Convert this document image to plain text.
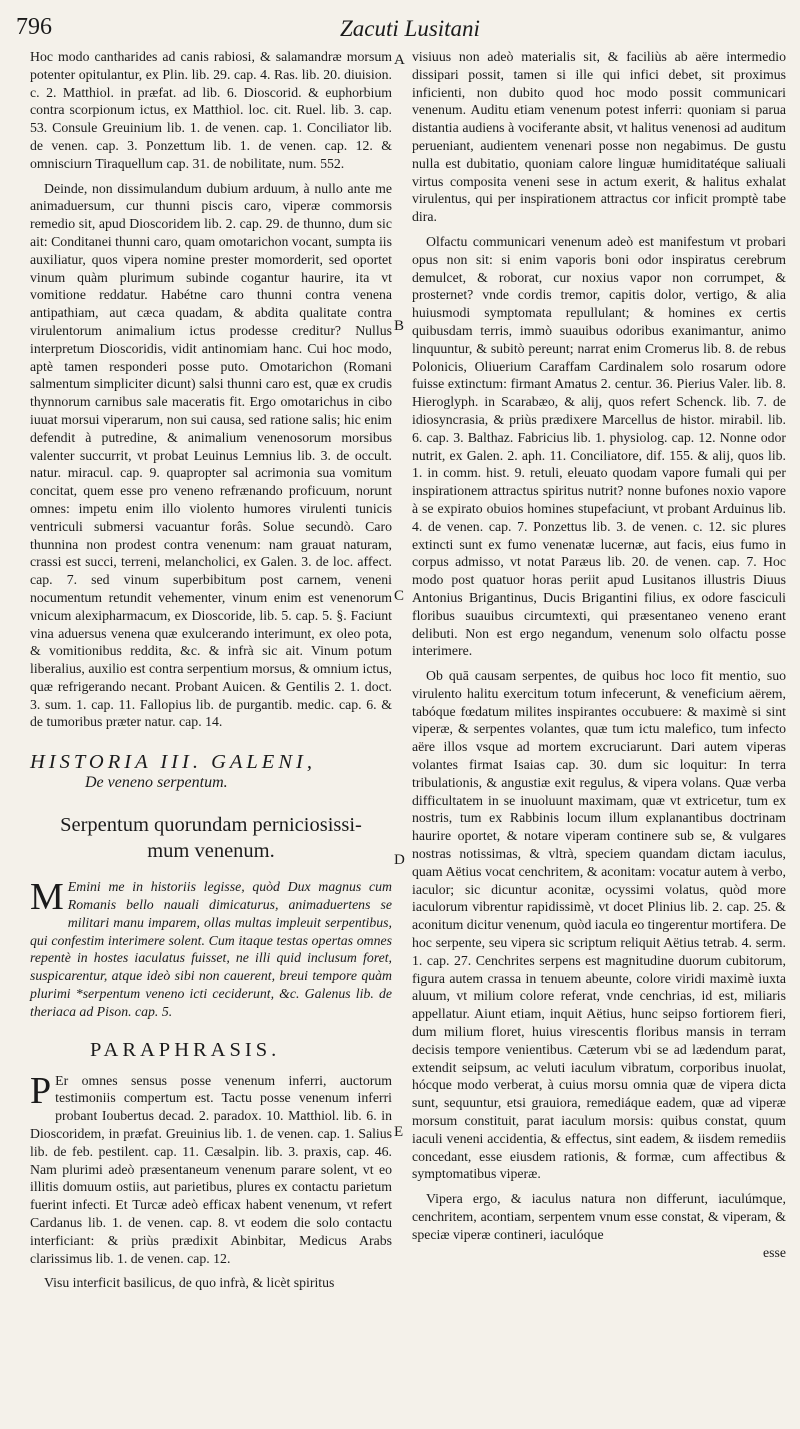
796	Zacuti Lusitani
A
B
C
D
E

Hoc modo cantharides ad canis rabiosi, & salamandræ morsum potenter opitulantur, ex Plin. lib. 29. cap. 4. Ras. lib. 20. diuision. c. 2. Matthiol. in præfat. ad lib. 6. Dioscorid. & euphorbium contra scorpionum ictus, ex Matthiol. loc. cit. Ruel. lib. 3. cap. 53. Consule Greuinium lib. 1. de venen. cap. 1. Conciliator lib. de venen. cap. 3. Ponzettum lib. 1. de venen. cap. 12. & omnisciurn Tiraquellum cap. 31. de nobilitate, num. 552.

Deinde, non dissimulandum dubium arduum, à nullo ante me animaduersum, cur thunni piscis caro, viperæ commorsis remedio sit, apud Dioscoridem lib. 2. cap. 29. de thunno, dum sic ait: Conditanei thunni caro, quam omotarichon vocant, sumpta iis auxiliatur, quos vipera nomine prester momorderit, sed oportet vinum quàm plurimum subinde cogantur haurire, ita vt vomitione reddatur. Habétne caro thunni contra venena antipathiam, aut cæca quadam, & abdita qualitate contra virulentorum animalium ictus prodesse creditur? Nullus interpretum Dioscoridis, vidit antinomiam hanc. Cui hoc modo, aptè tamen responderi posse puto. Omotarichon (Romani salmentum simpliciter dicunt) salsi thunni caro est, quæ ex crudis thynnorum carnibus sale maceratis fit. Ergo omotarichus in cibo iuuat morsui viperarum, non sui causa, sed ratione salis; hic enim defendit à putredine, & animalium venenosorum morsibus valenter succurrit, vt probat Leuinus Lemnius lib. 3. de occult. natur. miracul. cap. 9. quapropter sal acrimonia sua vomitum concitat, quem esse pro veneno refrænando proficuum, norunt omnes: impetu enim illo violento humores virulenti tunicis ventriculi submersi vacuantur forâs. Solue secundò. Caro thunnina non prodest contra venenum: nam grauat naturam, crassi est succi, terreni, melancholici, ex Galen. 3. de loc. affect. cap. 7. sed vinum superbibitum post carnem, veneni nocumentum retundit vehementer, vinum enim est venenorum vnicum alexipharmacum, ex Dioscoride, lib. 5. cap. 5. §. Faciunt vina aduersus venena quæ exulcerando interimunt, ex oleo pota, & vomitionibus reddita, &c. & infrà sic ait. Vinum potum liberalius, auxilio est contra serpentium morsus, & omnium ictus, quæ refrigerando necant. Probant Auicen. & Gentilis 2. 1. doct. 3. sum. 1. cap. 11. Fallopius lib. de purgantib. medic. cap. 6. & de tumoribus præter natur. cap. 14.

HISTORIA III. GALENI,
De veneno serpentum.
Serpentum quorundam perniciosissi-
mum venenum.

M Emini me in historiis legisse, quòd Dux magnus cum Romanis bello nauali dimicaturus, animaduertens se militari manu imparem, ollas multas impleuit serpentibus, qui confestim interimere solent. Cum itaque testas opertas omnes repentè in hostes iaculatus fuisset, ne illi quid inclusum foret, suspicarentur, atque ideò sibi non cauerent, breui tempore quàm plurimi *serpentum veneno icti ceciderunt, &c. Galenus lib. de theriaca ad Pison. cap. 5.

PARAPHRASIS.

P Er omnes sensus posse venenum inferri, auctorum testimoniis compertum est. Tactu posse venenum inferri probant Ioubertus decad. 2. paradox. 10. Matthiol. lib. 6. in Dioscoridem, in præfat. Greuinius lib. 1. de venen. cap. 1. Salius lib. de feb. pestilent. cap. 11. Cæsalpin. lib. 3. praxis, cap. 46. Nam plurimi adeò præsentaneum venenum parare solent, vt eo illitis domuum ostiis, aut parietibus, plures ex contactu parietum fuerint infecti. Et Turcæ adeò efficax habent venenum, vt refert Cardanus lib. 1. de venen. cap. 8. vt eodem die solo contactu interficiant: & priùs prædixit Abinbitar, Medicus Arabs clarissimus lib. 1. de venen. cap. 12.

Visu interficit basilicus, de quo infrà, & licèt spiritus

visiuus non adeò materialis sit, & faciliùs ab aëre intermedio dissipari possit, tamen si ille qui infici debet, sit proximus inficienti, non dubito quod hoc modo possit communicari venenum. Auditu etiam venenum potest inferri: quoniam si parua distantia audiens à vociferante absit, vt halitus venenosi ad auditum perueniant, audientem venenari posse non negabimus. De gustu nulla est dubitatio, quoniam calore linguæ humiditatéque saliuali virtus composita veneni sese in actum exerit, & halitus exhalat virulentus, qui per inspirationem attractus cor inficit promptè tabe dira.

Olfactu communicari venenum adeò est manifestum vt probari opus non sit: si enim vaporis boni odor inspiratus cerebrum demulcet, & roborat, cur noxius vapor non corrumpet, & prosternet? vnde cordis tremor, capitis dolor, vertigo, & alia huiusmodi symptomata repullulant; & homines ex certis quibusdam terris, immò suauibus odoribus exanimantur, animo linquuntur, & subitò pereunt; narrat enim Cromerus lib. 8. de rebus Polonicis, Oliuerium Caraffam Cardinalem solo rosarum odore fuisse extinctum: firmant Amatus 2. centur. 36. Pierius Valer. lib. 8. Hieroglyph. in Scarabæo, & alij, quos refert Schenck. lib. 7. de idiosyncrasia, & priùs prædixere Marcellus de histor. mirabil. lib. 6. cap. 3. Balthaz. Fabricius lib. 1. physiolog. cap. 12. Nonne odor nutrit, ex Galen. 2. aph. 11. Conciliatore, dif. 155. & alij, quos lib. 1. in comm. hist. 9. retuli, eleuato quodam vapore fumali qui per inspirationem attractus spiritus nutrit? nonne bufones noxio vapore à se expirato obuios homines stupefaciunt, vt probant Arduinus lib. 4. de venen. cap. 7. Ponzettus lib. 3. de venen. c. 12. sic plures extincti sunt ex fumo venenatæ lucernæ, aut facis, eius fumo in corpus admisso, vt notat Paræus lib. 20. de venen. cap. 7. Hoc modo post quatuor horas periit apud Lusitanos illustris Diuus Antonius Brigantinus, Ducis Brigantini filius, ex odore fasciculi floribus suauibus circumtexti, qui præsentaneo veneno erant delibuti. Non est ergo negandum, venenum solo olfactu posse interimere.

Ob quā causam serpentes, de quibus hoc loco fit mentio, suo virulento halitu exercitum totum infecerunt, & veneficium aërem, tabóque fœdatum milites inspirantes occubuere: & maximè si sint viperæ, & serpentes volantes, quæ tum ictu malefico, tum infecto aëre illos vsque ad mortem excruciarunt. Dari autem viperas volantes firmat Isaias cap. 30. dum sic loquitur: In terra tribulationis, & angustiæ exit regulus, & vipera volans. Quæ verba difficultatem in se inuoluunt maximam, quæ vt extricetur, tum ex nostris, tum ex Rabbinis locum illum explanantibus doctrinam haurire oportet, & notare viperam continere sub se, & vulgares nostras notissimas, & vltrà, speciem quandam dictam iaculus, quam Aëtius vocat cenchritem, & aconitam: vocatur autem à verbo, iaculor; sic dicuntur aconitæ, ocyssimi volatus, quòd more iaculorum vibrentur rapidissimè, vt docet Plinius lib. 2. cap. 25. & aconitum dicitur venenum, quòd iacula eo tingerentur mortifera. De hoc serpente, seu vipera sic scriptum reliquit Aëtius tetrab. 4. serm. 1. cap. 27. Cenchrites serpens est magnitudine duorum cubitorum, figura autem crassa in tenuem abeunte, colore viridi maximè iuxta aluum, vt milium colore referat, vnde cenchrias, id est, miliaris appellatur. Aiunt etiam, inquit Aëtius, hunc seipso fortiorem fieri, dum milium floret, huius virescentis floribus mansis in terram decisis tempore venientibus. Cæterum vbi se ad lædendum parat, extendit seipsum, ac veluti iaculum vibratum, corporibus inuolat, hócque modo verberat, à cuius morsu omnia quæ de vipera dicta sunt, sequuntur, etsi grauiora, remediáque eadem, quæ ad viperæ morsum constituit, parat iaculum morsis: quibus constat, quum iaculi veneni accidentia, & effectus, sint eadem, & iisdem remediis concedant, esse eiusdem rationis, & formæ, cum affectibus & symptomatibus viperæ.

Vipera ergo, & iaculus natura non differunt, iaculúmque, cenchritem, acontiam, serpentem vnum esse constat, & viperam, & speciæ viperæ contineri, iaculóque

esse
